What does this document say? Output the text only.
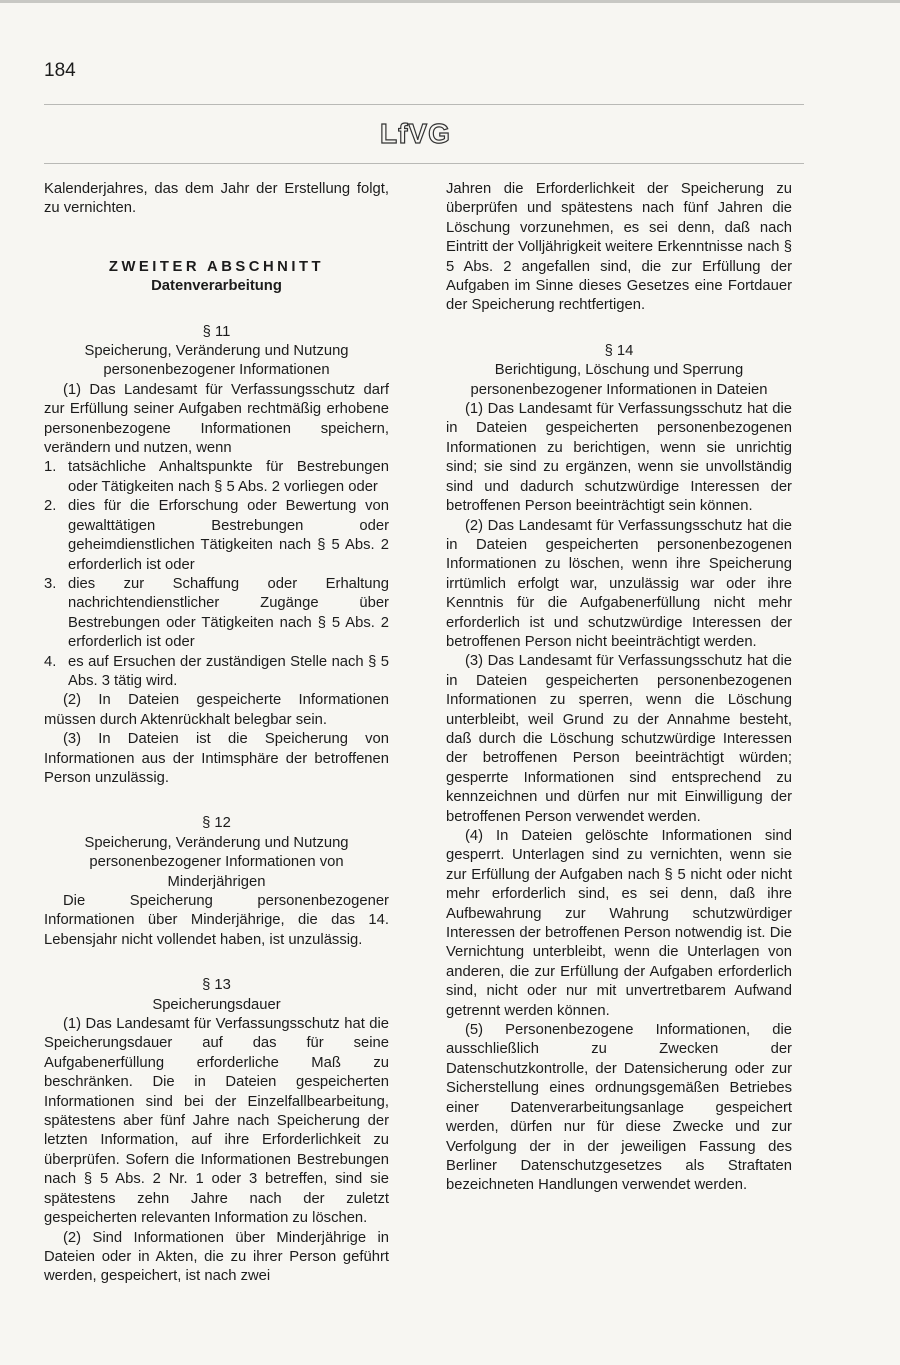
184
LfVG

Kalenderjahres, das dem Jahr der Erstellung folgt, zu vernichten.

ZWEITER ABSCHNITT

Datenverarbeitung

§ 11

Speicherung, Veränderung und Nutzung personenbezogener Informationen

(1) Das Landesamt für Verfassungsschutz darf zur Erfüllung seiner Aufgaben rechtmäßig erhobene personenbezogene Informationen speichern, verändern und nutzen, wenn

1. tatsächliche Anhaltspunkte für Bestrebungen oder Tätigkeiten nach § 5 Abs. 2 vorliegen oder
2. dies für die Erforschung oder Bewertung von gewalttätigen Bestrebungen oder geheimdienstlichen Tätigkeiten nach § 5 Abs. 2 erforderlich ist oder
3. dies zur Schaffung oder Erhaltung nachrichtendienstlicher Zugänge über Bestrebungen oder Tätigkeiten nach § 5 Abs. 2 erforderlich ist oder
4. es auf Ersuchen der zuständigen Stelle nach § 5 Abs. 3 tätig wird.

(2) In Dateien gespeicherte Informationen müssen durch Aktenrückhalt belegbar sein.

(3) In Dateien ist die Speicherung von Informationen aus der Intimsphäre der betroffenen Person unzulässig.

§ 12

Speicherung, Veränderung und Nutzung personenbezogener Informationen von Minderjährigen

Die Speicherung personenbezogener Informationen über Minderjährige, die das 14. Lebensjahr nicht vollendet haben, ist unzulässig.

§ 13

Speicherungsdauer

(1) Das Landesamt für Verfassungsschutz hat die Speicherungsdauer auf das für seine Aufgabenerfüllung erforderliche Maß zu beschränken. Die in Dateien gespeicherten Informationen sind bei der Einzelfallbearbeitung, spätestens aber fünf Jahre nach Speicherung der letzten Information, auf ihre Erforderlichkeit zu überprüfen. Sofern die Informationen Bestrebungen nach § 5 Abs. 2 Nr. 1 oder 3 betreffen, sind sie spätestens zehn Jahre nach der zuletzt gespeicherten relevanten Information zu löschen.

(2) Sind Informationen über Minderjährige in Dateien oder in Akten, die zu ihrer Person geführt werden, gespeichert, ist nach zwei

Jahren die Erforderlichkeit der Speicherung zu überprüfen und spätestens nach fünf Jahren die Löschung vorzunehmen, es sei denn, daß nach Eintritt der Volljährigkeit weitere Erkenntnisse nach § 5 Abs. 2 angefallen sind, die zur Erfüllung der Aufgaben im Sinne dieses Gesetzes eine Fortdauer der Speicherung rechtfertigen.

§ 14

Berichtigung, Löschung und Sperrung personenbezogener Informationen in Dateien

(1) Das Landesamt für Verfassungsschutz hat die in Dateien gespeicherten personenbezogenen Informationen zu berichtigen, wenn sie unrichtig sind; sie sind zu ergänzen, wenn sie unvollständig sind und dadurch schutzwürdige Interessen der betroffenen Person beeinträchtigt sein können.

(2) Das Landesamt für Verfassungsschutz hat die in Dateien gespeicherten personenbezogenen Informationen zu löschen, wenn ihre Speicherung irrtümlich erfolgt war, unzulässig war oder ihre Kenntnis für die Aufgabenerfüllung nicht mehr erforderlich ist und schutzwürdige Interessen der betroffenen Person nicht beeinträchtigt werden.

(3) Das Landesamt für Verfassungsschutz hat die in Dateien gespeicherten personenbezogenen Informationen zu sperren, wenn die Löschung unterbleibt, weil Grund zu der Annahme besteht, daß durch die Löschung schutzwürdige Interessen der betroffenen Person beeinträchtigt würden; gesperrte Informationen sind entsprechend zu kennzeichnen und dürfen nur mit Einwilligung der betroffenen Person verwendet werden.

(4) In Dateien gelöschte Informationen sind gesperrt. Unterlagen sind zu vernichten, wenn sie zur Erfüllung der Aufgaben nach § 5 nicht oder nicht mehr erforderlich sind, es sei denn, daß ihre Aufbewahrung zur Wahrung schutzwürdiger Interessen der betroffenen Person notwendig ist. Die Vernichtung unterbleibt, wenn die Unterlagen von anderen, die zur Erfüllung der Aufgaben erforderlich sind, nicht oder nur mit unvertretbarem Aufwand getrennt werden können.

(5) Personenbezogene Informationen, die ausschließlich zu Zwecken der Datenschutzkontrolle, der Datensicherung oder zur Sicherstellung eines ordnungsgemäßen Betriebes einer Datenverarbeitungsanlage gespeichert werden, dürfen nur für diese Zwecke und zur Verfolgung der in der jeweiligen Fassung des Berliner Datenschutzgesetzes als Straftaten bezeichneten Handlungen verwendet werden.
